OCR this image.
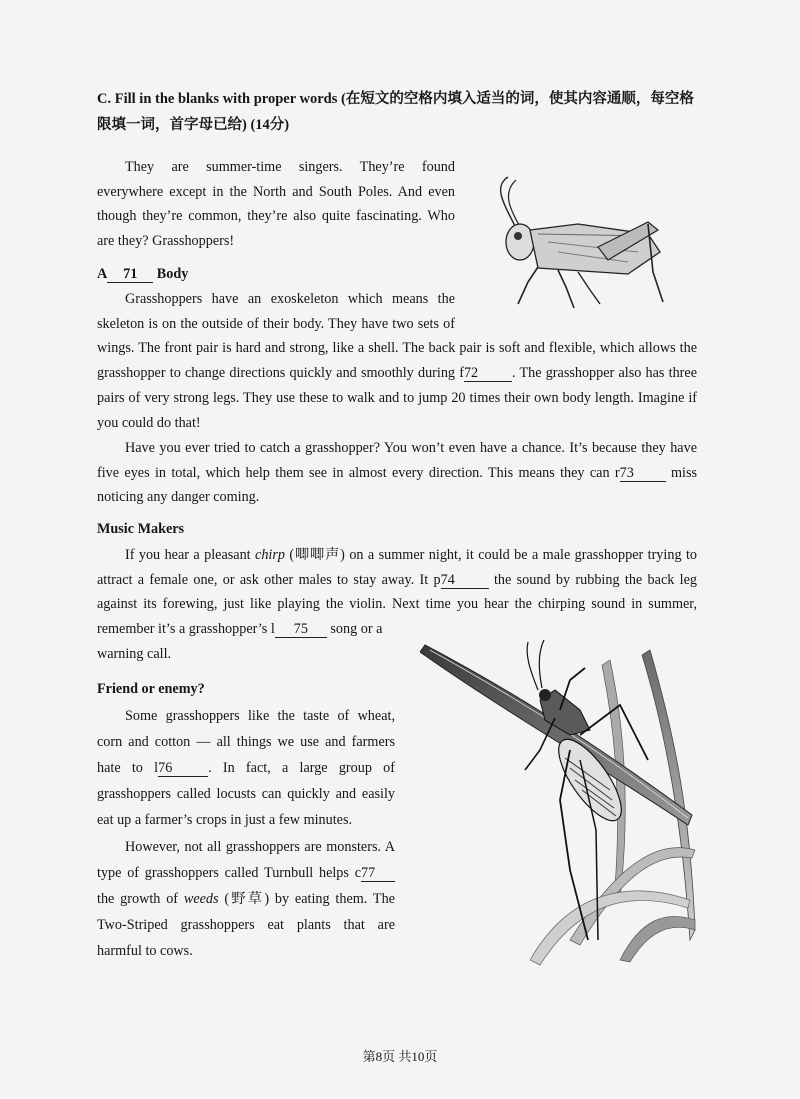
C. Fill in the blanks with proper words (在短文的空格内填入适当的词，使其内容通顺，每空格限填一词，首字母已给) (14分)

They are summer-time singers. They’re found

everywhere except in the North and South Poles. And even

though they’re common, they’re also quite fascinating. Who

are they? Grasshoppers!

A 71 Body

Grasshoppers have an exoskeleton which means the

skeleton is on the outside of their body. They have two sets of

wings. The front pair is hard and strong, like a shell. The back pair is soft and flexible, which allows the

grasshopper to change directions quickly and smoothly during f72 . The grasshopper also has three

pairs of very strong legs. They use these to walk and to jump 20 times their own body length. Imagine if

you could do that!

Have you ever tried to catch a grasshopper? You won’t even have a chance. It’s because they have

five eyes in total, which help them see in almost every direction. This means they can r73	miss

noticing any danger coming.

Music Makers

If you hear a pleasant chirp (唧唧声) on a summer night, it could be a male grasshopper trying to

attract a female one, or ask other males to stay away. It p74	the sound by rubbing the back leg

against its forewing, just like playing the violin. Next time you hear the chirping sound in summer,

remember it’s a grasshopper’s l 75 song or a

warning call.

Friend or enemy?

Some grasshoppers like the taste of wheat,

corn and cotton — all things we use and farmers

hate to l76	. In fact, a large group of

grasshoppers called locusts can quickly and easily

eat up a farmer’s crops in just a few minutes.

However, not all grasshoppers are monsters. A

type of grasshoppers called Turnbull helps c77

the growth of weeds (野草) by eating them. The

Two-Striped grasshoppers eat plants that are

harmful to cows.

第8页 共10页
